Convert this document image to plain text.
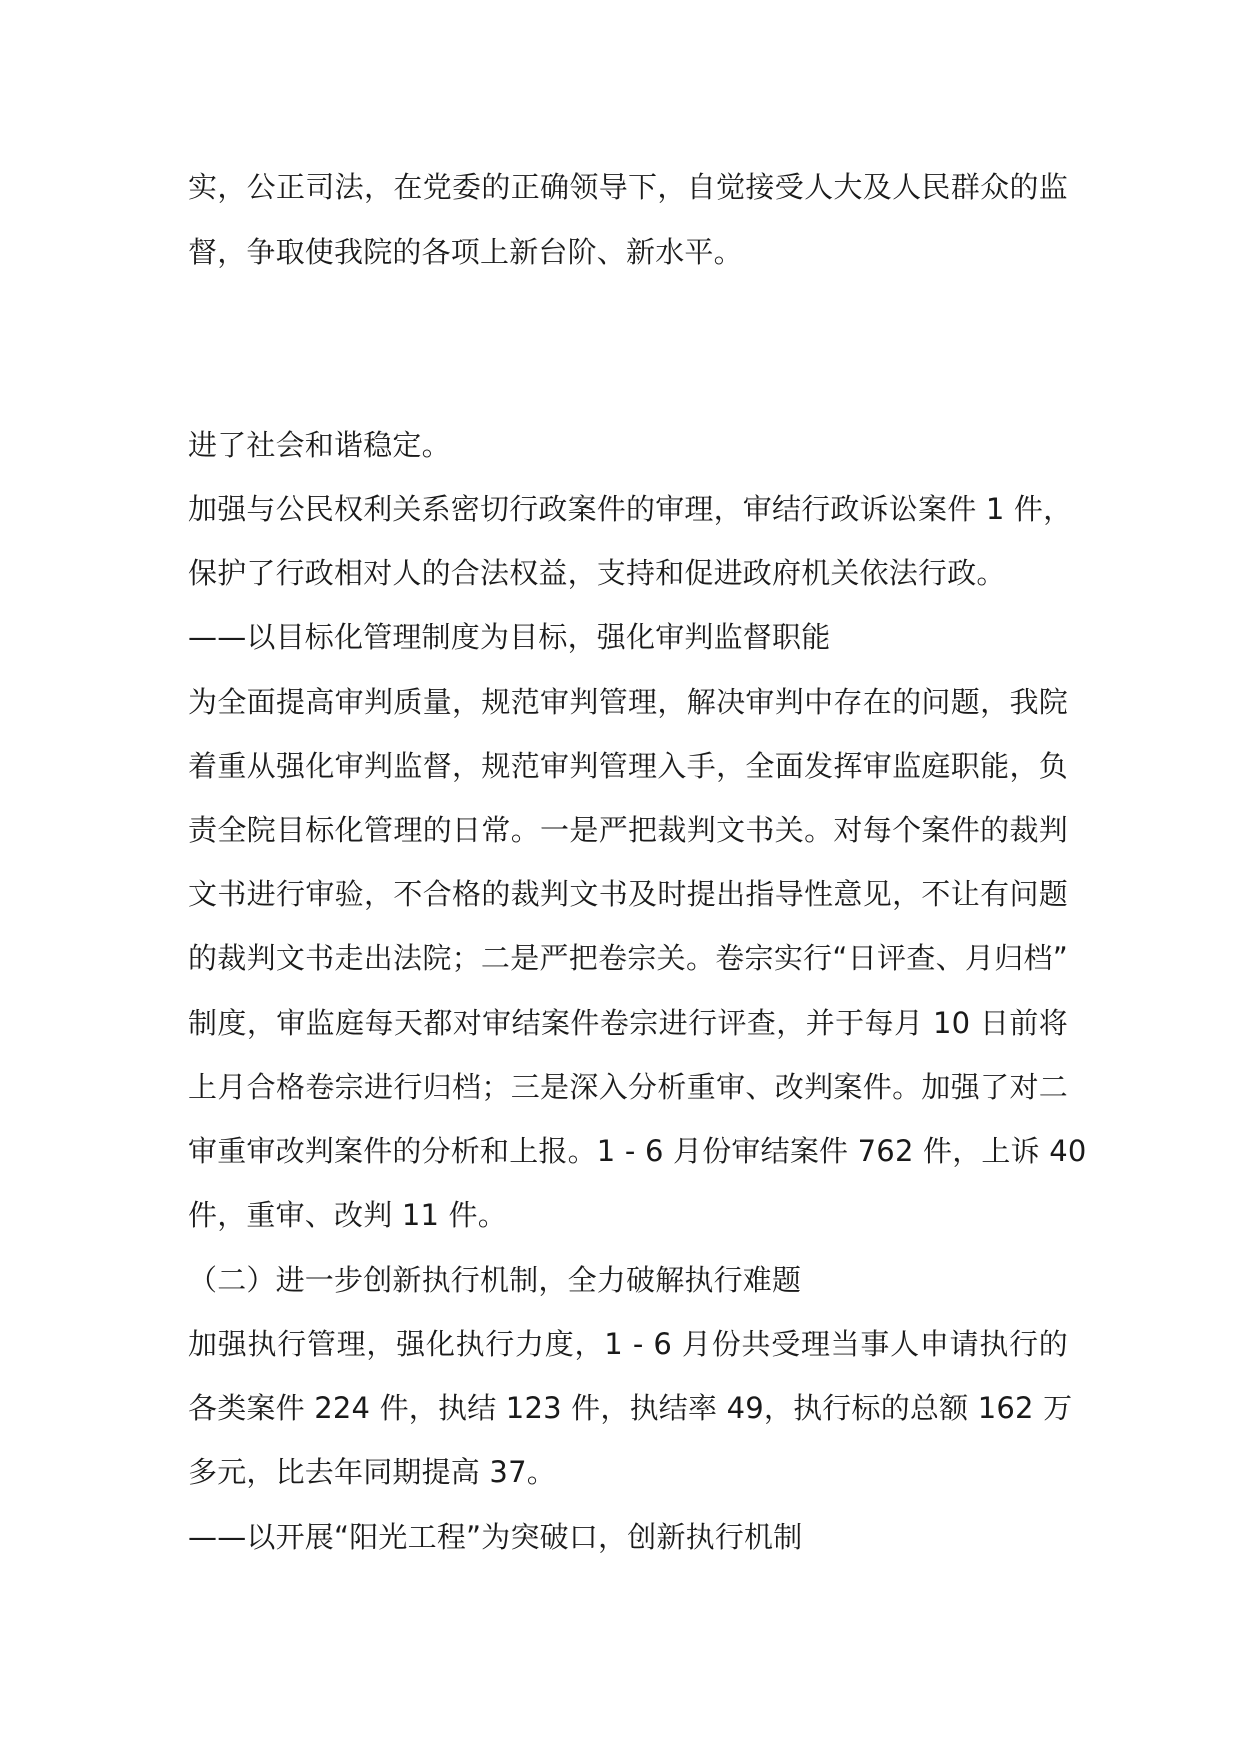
实，公正司法，在党委的正确领导下，自觉接受人大及人民群众的监
督，争取使我院的各项上新台阶、新水平。
进了社会和谐稳定。
加强与公民权利关系密切行政案件的审理，审结行政诉讼案件 1 件，
保护了行政相对人的合法权益，支持和促进政府机关依法行政。
——以目标化管理制度为目标，强化审判监督职能
为全面提高审判质量，规范审判管理，解决审判中存在的问题，我院
着重从强化审判监督，规范审判管理入手，全面发挥审监庭职能，负
责全院目标化管理的日常。一是严把裁判文书关。对每个案件的裁判
文书进行审验，不合格的裁判文书及时提出指导性意见，不让有问题
的裁判文书走出法院；二是严把卷宗关。卷宗实行“日评查、月归档”
制度，审监庭每天都对审结案件卷宗进行评查，并于每月 10 日前将
上月合格卷宗进行归档；三是深入分析重审、改判案件。加强了对二
审重审改判案件的分析和上报。1 - 6 月份审结案件 762 件，上诉 40
件，重审、改判 11 件。
（二）进一步创新执行机制，全力破解执行难题
加强执行管理，强化执行力度，1 - 6 月份共受理当事人申请执行的
各类案件 224 件，执结 123 件，执结率 49，执行标的总额 162 万
多元，比去年同期提高 37。
——以开展“阳光工程”为突破口，创新执行机制
